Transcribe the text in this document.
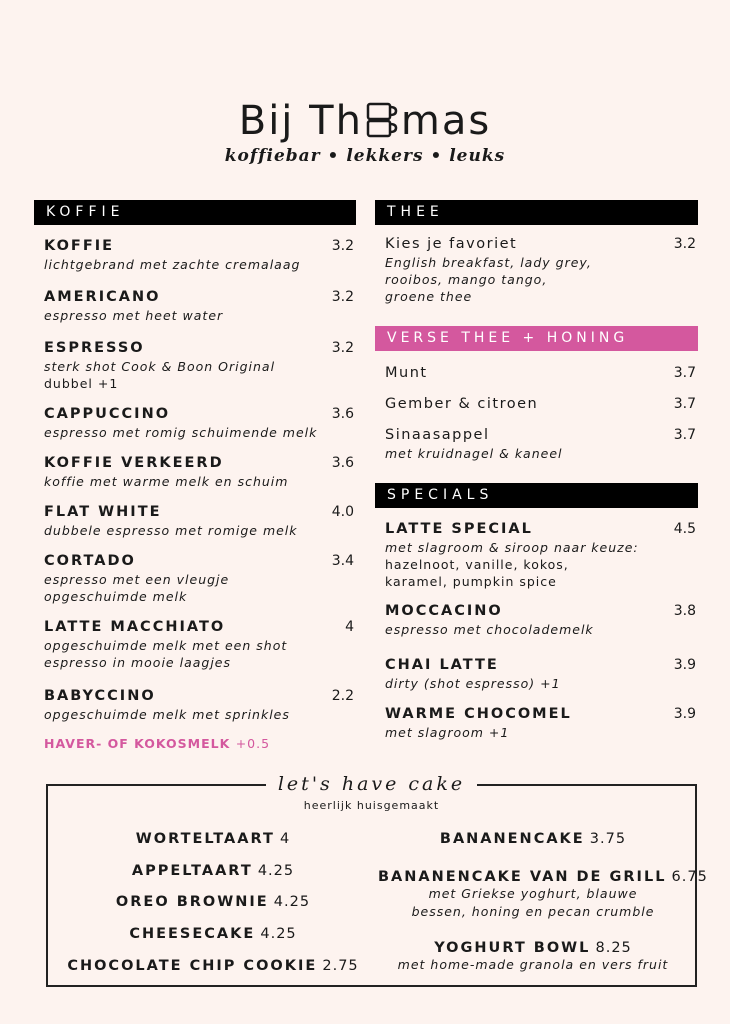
Bij Th mas
koffiebar • lekkers • leuks
KOFFIE
KOFFIE	3.2
lichtgebrand met zachte cremalaag
AMERICANO	3.2
espresso met heet water
ESPRESSO	3.2
sterk shot Cook & Boon Original
dubbel +1
CAPPUCCINO	3.6
espresso met romig schuimende melk
KOFFIE VERKEERD	3.6
koffie met warme melk en schuim
FLAT WHITE	4.0
dubbele espresso met romige melk
CORTADO	3.4
espresso met een vleugje
opgeschuimde melk
LATTE MACCHIATO	4
opgeschuimde melk met een shot
espresso in mooie laagjes
BABYCCINO	2.2
opgeschuimde melk met sprinkles
HAVER- OF KOKOSMELK +0.5
THEE
Kies je favoriet	3.2
English breakfast, lady grey,
rooibos, mango tango,
groene thee
VERSE THEE + HONING
Munt	3.7
Gember & citroen	3.7
Sinaasappel	3.7
met kruidnagel & kaneel
SPECIALS
LATTE SPECIAL	4.5
met slagroom & siroop naar keuze:
hazelnoot, vanille, kokos,
karamel, pumpkin spice
MOCCACINO	3.8
espresso met chocolademelk
CHAI LATTE	3.9
dirty (shot espresso) +1
WARME CHOCOMEL	3.9
met slagroom +1
let's have cake
heerlijk huisgemaakt
WORTELTAART 4
APPELTAART 4.25
OREO BROWNIE 4.25
CHEESECAKE 4.25
CHOCOLATE CHIP COOKIE 2.75
BANANENCAKE 3.75
BANANENCAKE VAN DE GRILL 6.75
met Griekse yoghurt, blauwe
bessen, honing en pecan crumble
YOGHURT BOWL 8.25
met home-made granola en vers fruit
